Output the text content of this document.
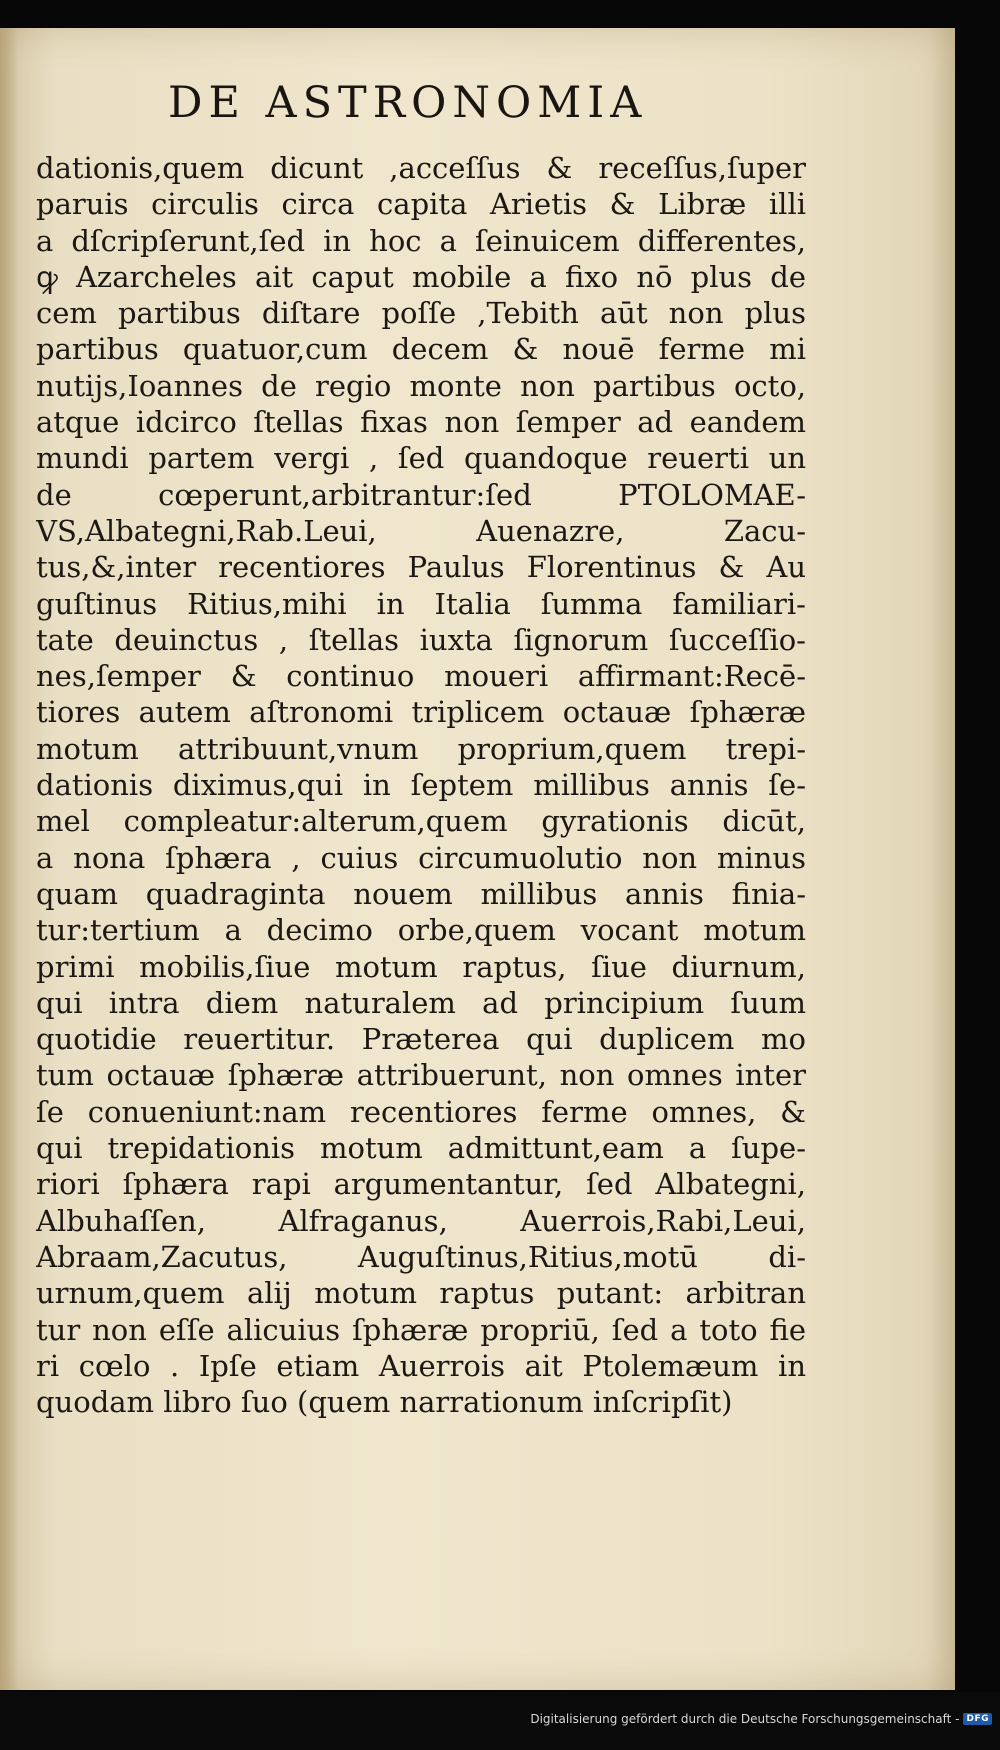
DE ASTRONOMIA
dationis,quem dicunt ,acceſſus & receſſus,ſuper
paruis circulis circa capita Arietis & Libræ illi
a dſcripſerunt,ſed in hoc a ſeinuicem differentes,
ꝙ Azarcheles ait caput mobile a fixo nō plus de
cem partibus diſtare poſſe ,Tebith aūt non plus
partibus quatuor,cum decem & nouē ferme mi
nutijs,Ioannes de regio monte non partibus octo,
atque idcirco ſtellas fixas non ſemper ad eandem
mundi partem vergi , ſed quandoque reuerti un
de cœperunt,arbitrantur:ſed PTOLOMAE-
VS,Albategni,Rab.Leui, Auenazre, Zacu-
tus,&,inter recentiores Paulus Florentinus & Au
guſtinus Ritius,mihi in Italia ſumma familiari-
tate deuinctus , ſtellas iuxta ſignorum ſucceſſio-
nes,ſemper & continuo moueri affirmant:Recē-
tiores autem aſtronomi triplicem octauæ ſphæræ
motum attribuunt,vnum proprium,quem trepi-
dationis diximus,qui in ſeptem millibus annis ſe-
mel compleatur:alterum,quem gyrationis dicūt,
a nona ſphæra , cuius circumuolutio non minus
quam quadraginta nouem millibus annis finia-
tur:tertium a decimo orbe,quem vocant motum
primi mobilis,ſiue motum raptus, ſiue diurnum,
qui intra diem naturalem ad principium ſuum
quotidie reuertitur. Præterea qui duplicem mo
tum octauæ ſphæræ attribuerunt, non omnes inter
ſe conueniunt:nam recentiores ferme omnes, &
qui trepidationis motum admittunt,eam a ſupe-
riori ſphæra rapi argumentantur, ſed Albategni,
Albuhaſſen, Alfraganus, Auerrois,Rabi,Leui,
Abraam,Zacutus, Auguſtinus,Ritius,motū di-
urnum,quem alij motum raptus putant: arbitran
tur non eſſe alicuius ſphæræ propriū, ſed a toto fie
ri cœlo . Ipſe etiam Auerrois ait Ptolemæum in
quodam libro ſuo (quem narrationum inſcripſit)
Digitalisierung gefördert durch die Deutsche Forschungsgemeinschaft - DFG
